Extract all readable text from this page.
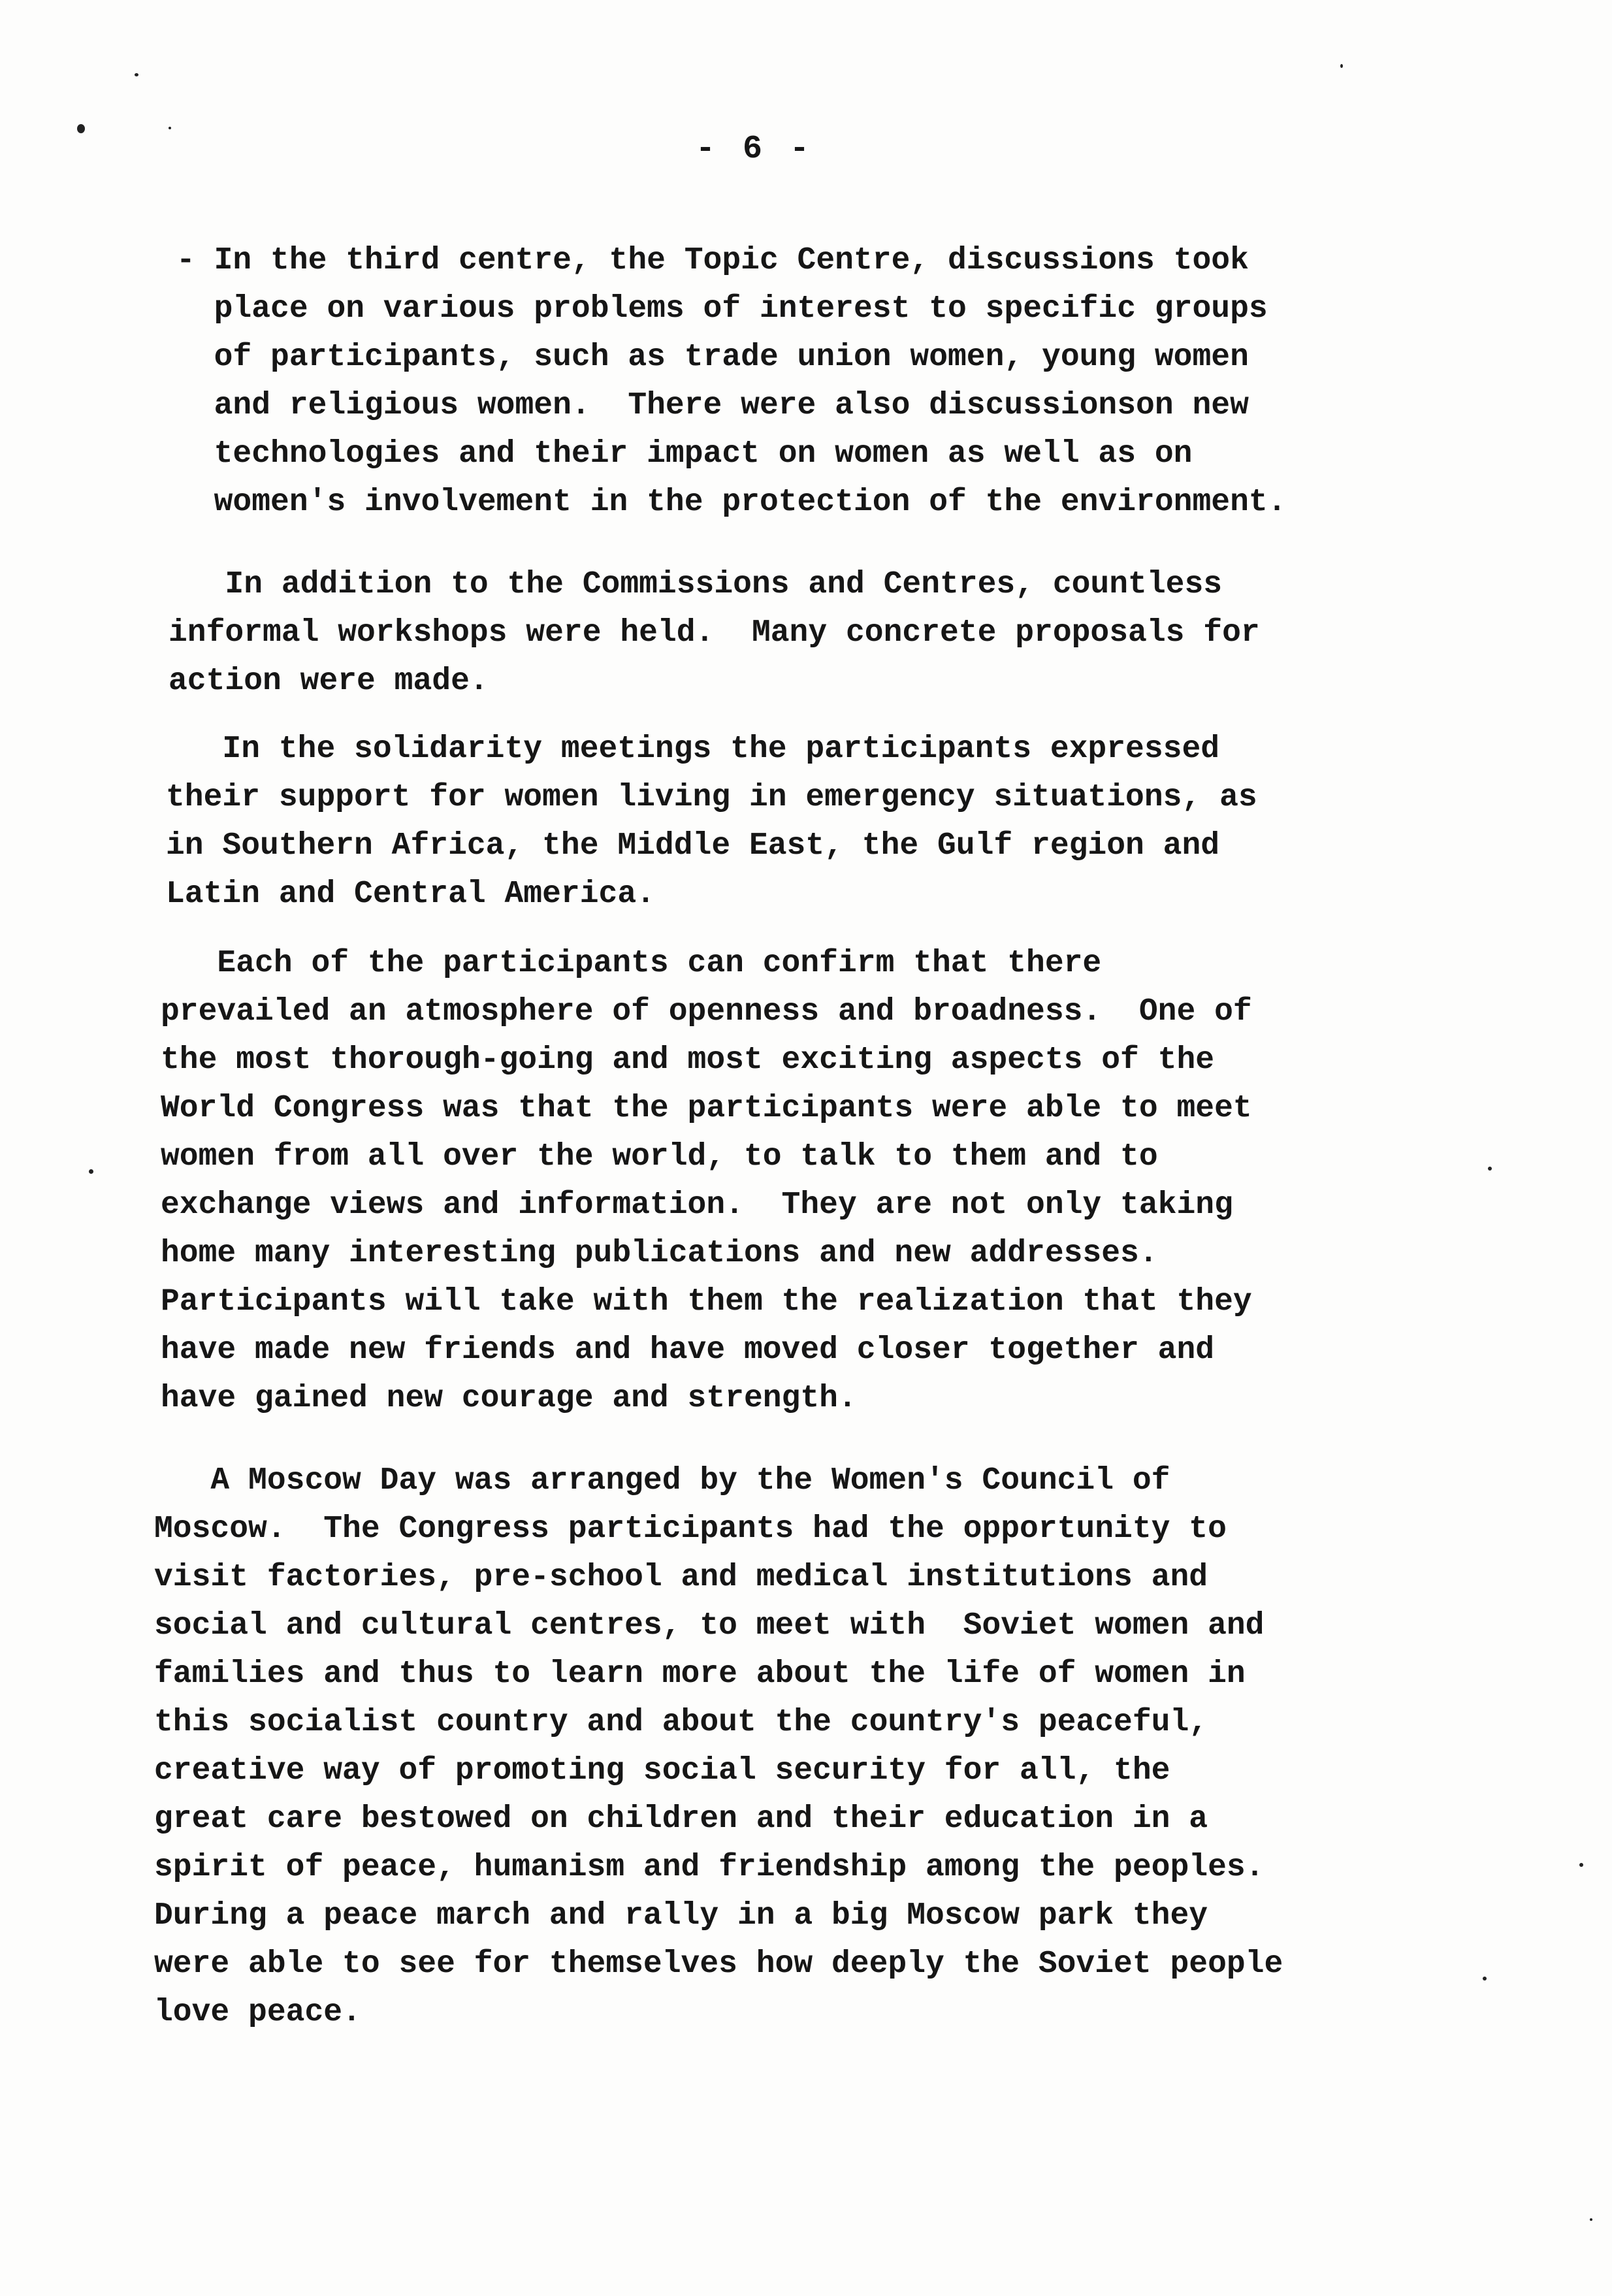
- 6 -
- In the third centre, the Topic Centre, discussions took
place on various problems of interest to specific groups
of participants, such as trade union women, young women
and religious women.  There were also discussionson new
technologies and their impact on women as well as on
women's involvement in the protection of the environment.
In addition to the Commissions and Centres, countless
informal workshops were held.  Many concrete proposals for
action were made.
In the solidarity meetings the participants expressed
their support for women living in emergency situations, as
in Southern Africa, the Middle East, the Gulf region and
Latin and Central America.
Each of the participants can confirm that there
prevailed an atmosphere of openness and broadness.  One of
the most thorough-going and most exciting aspects of the
World Congress was that the participants were able to meet
women from all over the world, to talk to them and to
exchange views and information.  They are not only taking
home many interesting publications and new addresses.
Participants will take with them the realization that they
have made new friends and have moved closer together and
have gained new courage and strength.
A Moscow Day was arranged by the Women's Council of
Moscow.  The Congress participants had the opportunity to
visit factories, pre-school and medical institutions and
social and cultural centres, to meet with  Soviet women and
families and thus to learn more about the life of women in
this socialist country and about the country's peaceful,
creative way of promoting social security for all, the
great care bestowed on children and their education in a
spirit of peace, humanism and friendship among the peoples.
During a peace march and rally in a big Moscow park they
were able to see for themselves how deeply the Soviet people
love peace.
